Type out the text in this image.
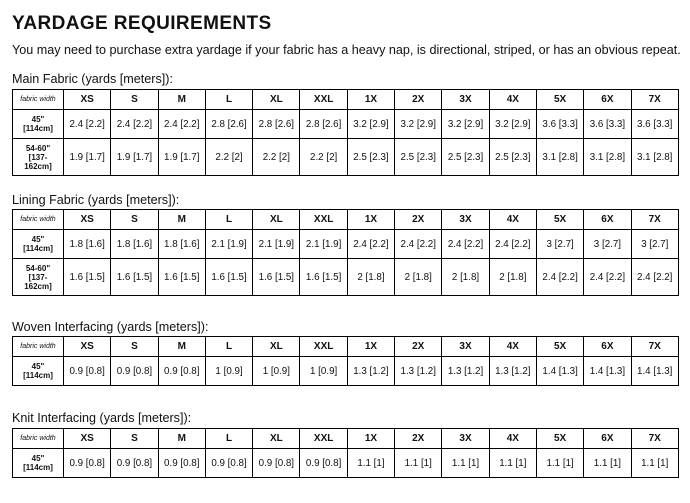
YARDAGE REQUIREMENTS
You may need to purchase extra yardage if your fabric has a heavy nap, is directional, striped, or has an obvious repeat.
Main Fabric (yards [meters]):
fabric width	XS	S	M	L	XL	XXL	1X	2X	3X	4X	5X	6X	7X

45"
[114cm]	2.4 [2.2]	2.4 [2.2]	2.4 [2.2]	2.8 [2.6]	2.8 [2.6]	2.8 [2.6]	3.2 [2.9]	3.2 [2.9]	3.2 [2.9]	3.2 [2.9]	3.6 [3.3]	3.6 [3.3]	3.6 [3.3]

54-60"
[137-
162cm]	1.9 [1.7]	1.9 [1.7]	1.9 [1.7]	2.2 [2]	2.2 [2]	2.2 [2]	2.5 [2.3]	2.5 [2.3]	2.5 [2.3]	2.5 [2.3]	3.1 [2.8]	3.1 [2.8]	3.1 [2.8]
Lining Fabric (yards [meters]):
fabric width	XS	S	M	L	XL	XXL	1X	2X	3X	4X	5X	6X	7X

45"
[114cm]	1.8 [1.6]	1.8 [1.6]	1.8 [1.6]	2.1 [1.9]	2.1 [1.9]	2.1 [1.9]	2.4 [2.2]	2.4 [2.2]	2.4 [2.2]	2.4 [2.2]	3 [2.7]	3 [2.7]	3 [2.7]

54-60"
[137-
162cm]	1.6 [1.5]	1.6 [1.5]	1.6 [1.5]	1.6 [1.5]	1.6 [1.5]	1.6 [1.5]	2 [1.8]	2 [1.8]	2 [1.8]	2 [1.8]	2.4 [2.2]	2.4 [2.2]	2.4 [2.2]
Woven Interfacing (yards [meters]):
fabric width	XS	S	M	L	XL	XXL	1X	2X	3X	4X	5X	6X	7X

45"
[114cm]	0.9 [0.8]	0.9 [0.8]	0.9 [0.8]	1 [0.9]	1 [0.9]	1 [0.9]	1.3 [1.2]	1.3 [1.2]	1.3 [1.2]	1.3 [1.2]	1.4 [1.3]	1.4 [1.3]	1.4 [1.3]
Knit Interfacing (yards [meters]):
fabric width	XS	S	M	L	XL	XXL	1X	2X	3X	4X	5X	6X	7X

45"
[114cm]	0.9 [0.8]	0.9 [0.8]	0.9 [0.8]	0.9 [0.8]	0.9 [0.8]	0.9 [0.8]	1.1 [1]	1.1 [1]	1.1 [1]	1.1 [1]	1.1 [1]	1.1 [1]	1.1 [1]
